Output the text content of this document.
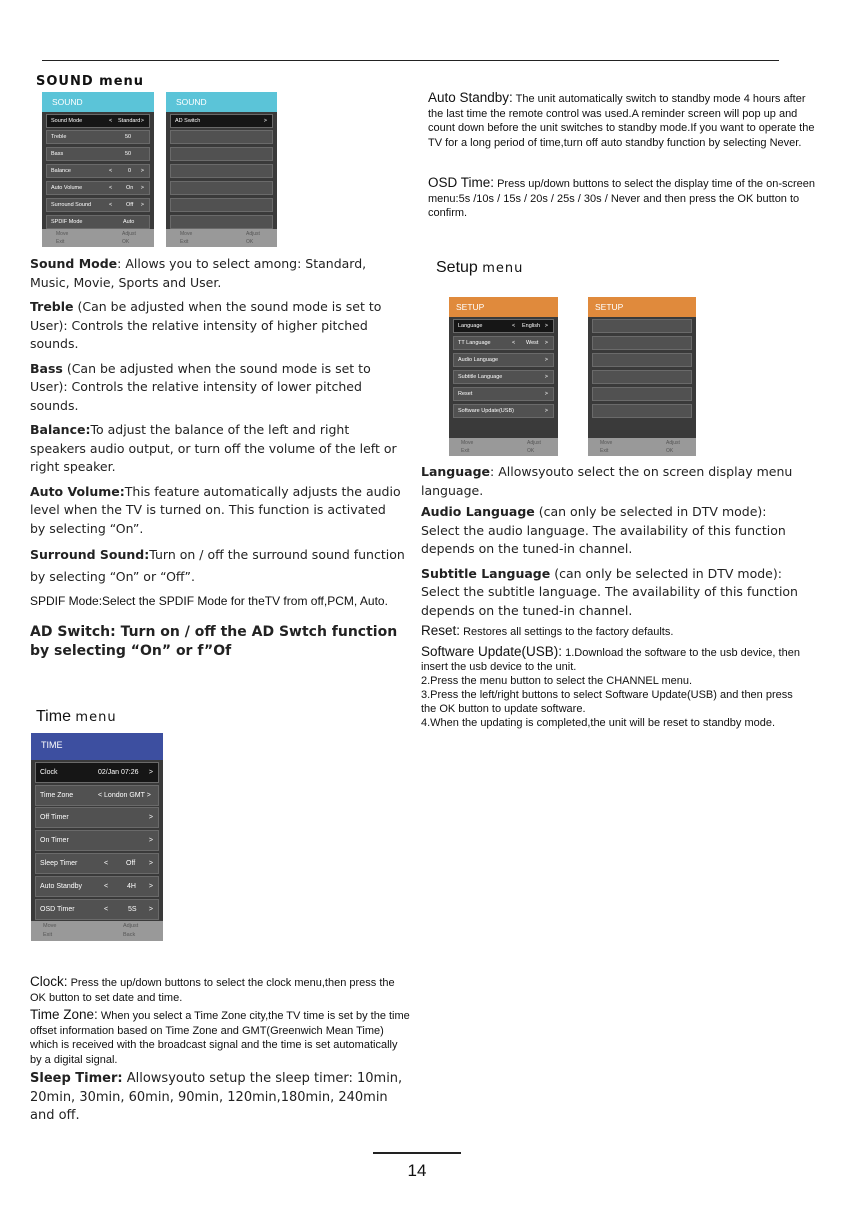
SOUND menu
SOUND
Sound Mode	< Standard >
Treble	50
Bass	50
Balance	<	0 >
Auto Volume	<	On >
Surround Sound	<	Off >
SPDIF Mode	Auto
Move	Adjust
Exit	OK
SOUND
AD Switch	>
Move	Adjust
Exit	OK
Sound Mode: Allows you to select among: Standard, Music, Movie, Sports and User.
Treble (Can be adjusted when the sound mode is set to User): Controls the relative intensity of higher pitched sounds.
Bass (Can be adjusted when the sound mode is set to User): Controls the relative intensity of lower pitched sounds.
Balance:To adjust the balance of the left and right speakers audio output, or turn off the volume of the left or right speaker.
Auto Volume:This feature automatically adjusts the audio level when the TV is turned on. This function is activated by selecting “On”.
Surround Sound:Turn on / off the surround sound function by selecting “On” or “Off”.
SPDIF Mode:Select the SPDIF Mode for theTV from off,PCM, Auto.
AD Switch: Turn on / off the AD Swtch function by selecting “On” or f”Of
Time menu
TIME
Clock	02/Jan 07:26 >
Time Zone	< London GMT >
Off Timer	>
On Timer	>
Sleep Timer	<	Off >
Auto Standby	<	4H >
OSD Timer	<	5S >
Move	Adjust
Exit	Back
Clock: Press the up/down buttons to select the clock menu,then press the OK button to set date and time.
Time Zone: When you select a Time Zone city,the TV time is set by the time offset information based on Time Zone and GMT(Greenwich Mean Time) which is received with the broadcast signal and the time is set automatically by a digital signal.
Sleep Timer: Allowsyouto setup the sleep timer: 10min, 20min, 30min, 60min, 90min, 120min,180min, 240min and off.
Auto Standby: The unit automatically switch to standby mode 4 hours after the last time the remote control was used.A reminder screen will pop up and count down before the unit switches to standby mode.If you want to operate the TV for a long period of time,turn off auto standby function by selecting Never.
OSD Time: Press up/down buttons to select the display time of the on-screen menu:5s /10s / 15s / 20s / 25s / 30s / Never and then press the OK button to confirm.
Setup menu
SETUP
Language	< English >
TT Language	< West >
Audio Language	>
Subtitle Language	>
Reset	>
Software Update(USB)	>
Move	Adjust
Exit	OK
SETUP
Move	Adjust
Exit	OK
Language: Allowsyouto select the on screen display menu language.
Audio Language (can only be selected in DTV mode): Select the audio language. The availability of this function depends on the tuned-in channel.
Subtitle Language (can only be selected in DTV mode): Select the subtitle language. The availability of this function depends on the tuned-in channel.
Reset: Restores all settings to the factory defaults.
Software Update(USB): 1.Download the software to the usb device, then insert the usb device to the unit.
2.Press the menu button to select the CHANNEL menu.
3.Press the left/right buttons to select Software Update(USB) and then press the OK button to update software.
4.When the updating is completed,the unit will be reset to standby mode.
14
